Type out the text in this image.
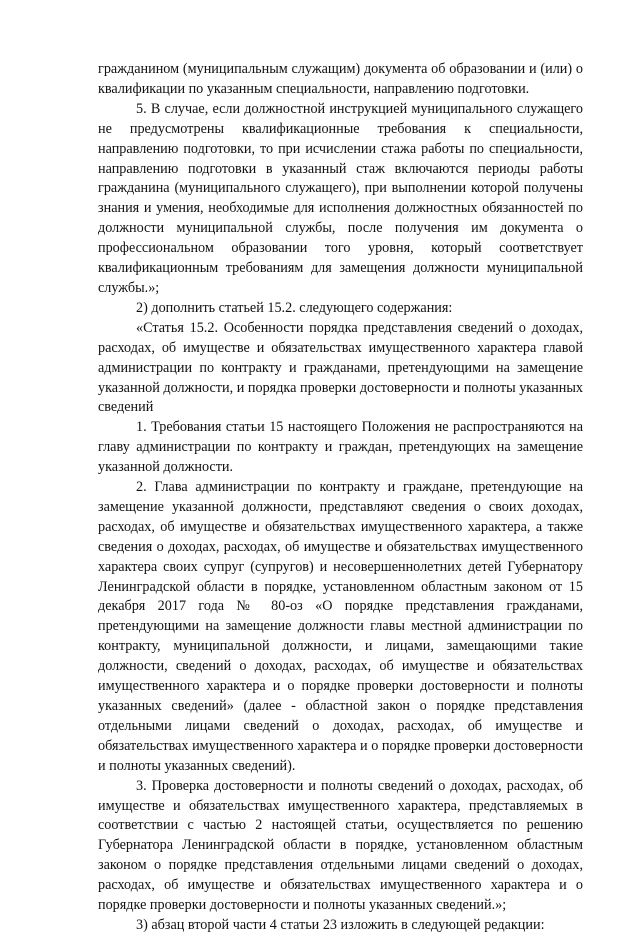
гражданином (муниципальным служащим) документа об образовании и (или) о квалификации по указанным специальности, направлению подготовки.

5. В случае, если должностной инструкцией муниципального служащего не предусмотрены квалификационные требования к специальности, направлению подготовки, то при исчислении стажа работы по специальности, направлению подготовки в указанный стаж включаются периоды работы гражданина (муниципального служащего), при выполнении которой получены знания и умения, необходимые для исполнения должностных обязанностей по должности муниципальной службы, после получения им документа о профессиональном образовании того уровня, который соответствует квалификационным требованиям для замещения должности муниципальной службы.»;

2) дополнить статьей 15.2. следующего содержания:

«Статья 15.2. Особенности порядка представления сведений о доходах, расходах, об имуществе и обязательствах имущественного характера главой администрации по контракту и гражданами, претендующими на замещение указанной должности, и порядка проверки достоверности и полноты указанных сведений

1. Требования статьи 15 настоящего Положения не распространяются на главу администрации по контракту и граждан, претендующих на замещение указанной должности.

2. Глава администрации по контракту и граждане, претендующие на замещение указанной должности, представляют сведения о своих доходах, расходах, об имуществе и обязательствах имущественного характера, а также сведения о доходах, расходах, об имуществе и обязательствах имущественного характера своих супруг (супругов) и несовершеннолетних детей Губернатору Ленинградской области в порядке, установленном областным законом от 15 декабря 2017 года № 80-оз «О порядке представления гражданами, претендующими на замещение должности главы местной администрации по контракту, муниципальной должности, и лицами, замещающими такие должности, сведений о доходах, расходах, об имуществе и обязательствах имущественного характера и о порядке проверки достоверности и полноты указанных сведений» (далее - областной закон о порядке представления отдельными лицами сведений о доходах, расходах, об имуществе и обязательствах имущественного характера и о порядке проверки достоверности и полноты указанных сведений).

3. Проверка достоверности и полноты сведений о доходах, расходах, об имуществе и обязательствах имущественного характера, представляемых в соответствии с частью 2 настоящей статьи, осуществляется по решению Губернатора Ленинградской области в порядке, установленном областным законом о порядке представления отдельными лицами сведений о доходах, расходах, об имуществе и обязательствах имущественного характера и о порядке проверки достоверности и полноты указанных сведений.»;

3) абзац второй части 4 статьи 23 изложить в следующей редакции:
